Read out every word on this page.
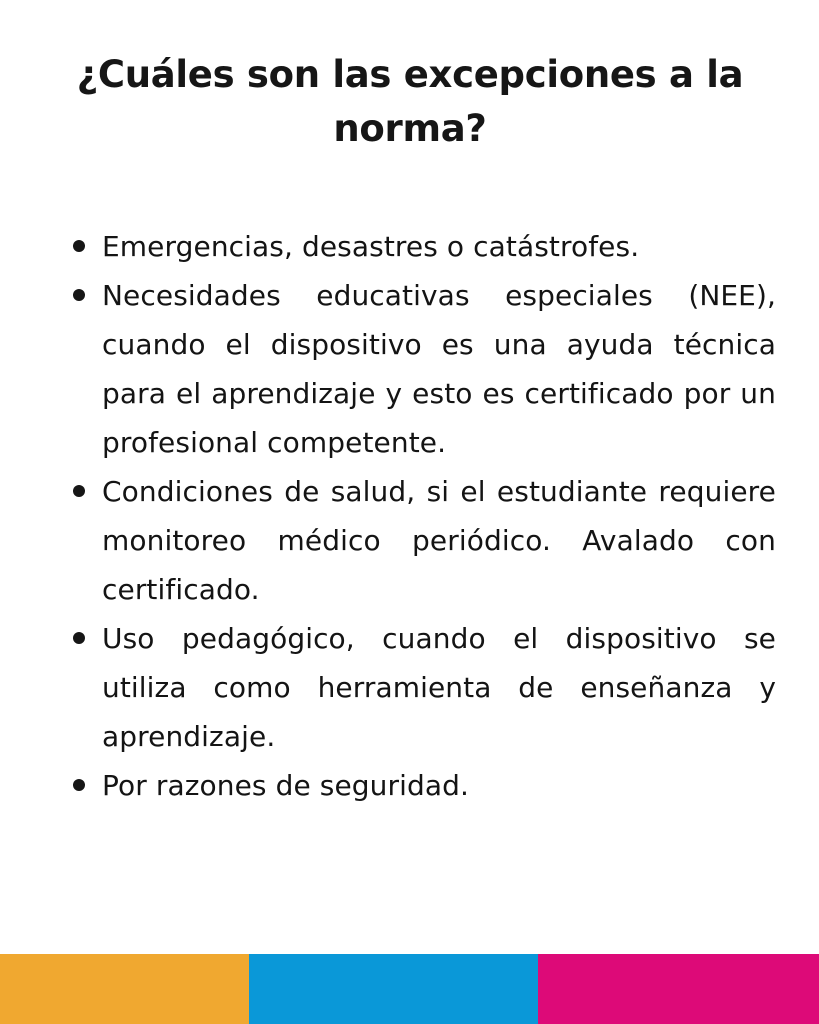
¿Cuáles son las excepciones a la norma?
Emergencias, desastres o catástrofes.
Necesidades educativas especiales (NEE), cuando el dispositivo es una ayuda técnica para el aprendizaje y esto es certificado por un profesional competente.
Condiciones de salud, si el estudiante requiere monitoreo médico periódico. Avalado con certificado.
Uso pedagógico, cuando el dispositivo se utiliza como herramienta de enseñanza y aprendizaje.
Por razones de seguridad.
